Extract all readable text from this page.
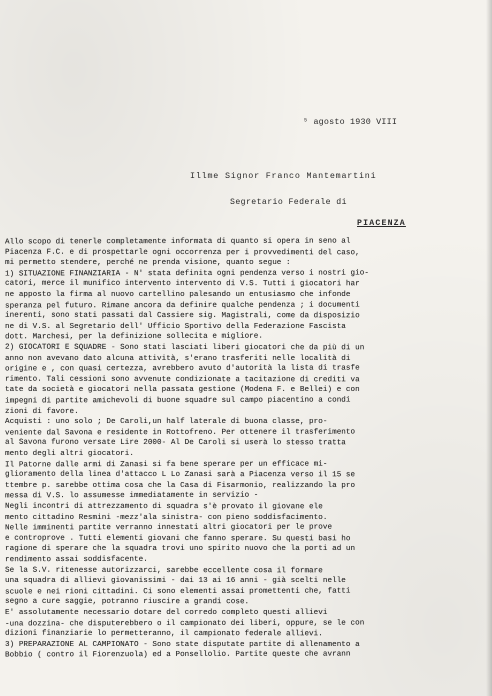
⁵ agosto 1930 VIII
Illme Signor Franco Mantemartini
Segretario Federale di
PIACENZA
Allo scopo di tenerle completamente informata di quanto si opera in seno al
Piacenza F.C. e di prospettarle ogni occorrenza per i provvedimenti del caso,
mi permetto stendere, perché ne prenda visione, quanto segue :
1) SITUAZIONE FINANZIARIA - N' stata definita ogni pendenza verso i nostri gio-
catori, merce il munifico intervento intervento di V.S. Tutti i giocatori har
ne apposto la firma al nuovo cartellino palesando un entusiasmo che infonde
speranza pel futuro. Rimane ancora da definire qualche pendenza ; i documenti
inerenti, sono stati passati dal Cassiere sig. Magistrali, come da disposizio
ne di V.S. al Segretario dell' Ufficio Sportivo della Federazione Fascista
dott. Marchesi, per la definizione sollecita e migliore.
2) GIOCATORI E SQUADRE - Sono stati lasciati liberi giocatori che da più di un
anno non avevano dato alcuna attività, s'erano trasferiti nelle località di
origine e , con quasi certezza, avrebbero avuto d'autorità la lista di trasfe
rimento. Tali cessioni sono avvenute condizionate a tacitazione di crediti va
tate da società e giocatori nella passata gestione (Modena F. e Bellei) e con
impegni di partite amichevoli di buone squadre sul campo piacentino a condi
zioni di favore.
Acquisti : uno solo ; De Caroli,un half laterale di buona classe, pro-
veniente dal Savona e residente in Rottofreno. Per ottenere il trasferimento
al Savona furono versate Lire 2000- Al De Caroli si userà lo stesso tratta
mento degli altri giocatori.
Il Patorne dalle armi di Zanasi si fa bene sperare per un efficace mi-
glioramento della linea d'attacco L Lo Zanasi sarà a Piacenza verso il 15 se
ttembre p. sarebbe ottima cosa che la Casa di Fisarmonio, realizzando la pro
messa di V.S. lo assumesse immediatamente in servizio -
Negli incontri di attrezzamento di squadra s'è provato il giovane ele
mento cittadino Resmini -mezz'ala sinistra- con pieno soddisfacimento.
Nelle imminenti partite verranno innestati altri giocatori per le prove
e controprove . Tutti elementi giovani che fanno sperare. Su questi basi ho
ragione di sperare che la squadra trovi uno spirito nuovo che la porti ad un
rendimento assai soddisfacente.
Se la S.V. ritenesse autorizzarci, sarebbe eccellente cosa il formare
una squadra di allievi giovanissimi - dai 13 ai 16 anni - già scelti nelle
scuole e nei rioni cittadini. Ci sono elementi assai promettenti che, fatti
segno a cure saggie, potranno riuscire a grandi cose.
E' assolutamente necessario dotare del corredo completo questi allievi
-una dozzina- che disputerebbero o il campionato dei liberi, oppure, se le con
dizioni finanziarie lo permetteranno, il campionato federale allievi.
3) PREPARAZIONE AL CAMPIONATO - Sono state disputate partite di allenamento a
Bobbio ( contro il Fiorenzuola) ed a Ponsellolio. Partite queste che avrann
